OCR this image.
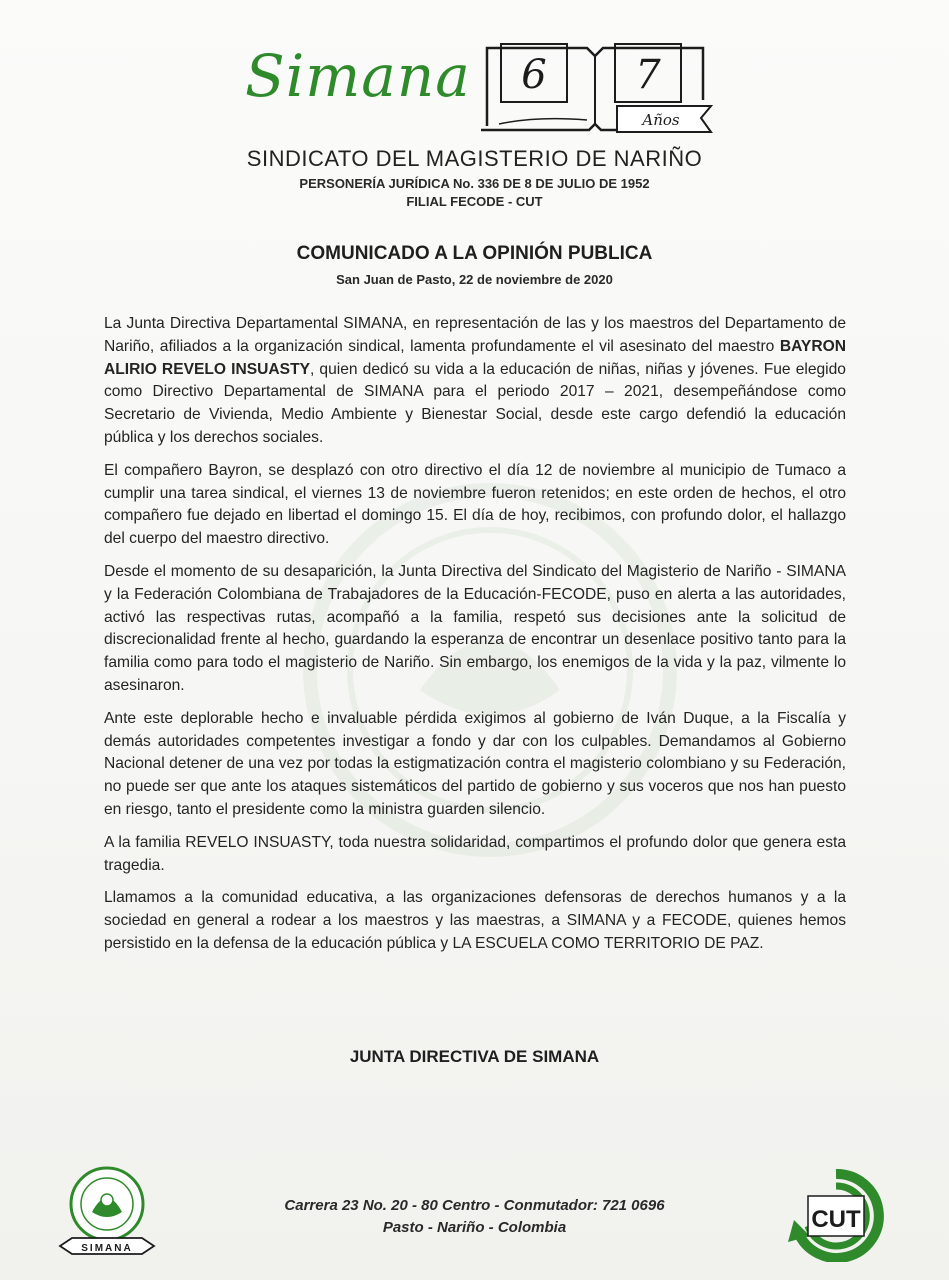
Simana 6 7
Años
SINDICATO DEL MAGISTERIO DE NARIÑO
PERSONERÍA JURÍDICA No. 336 DE 8 DE JULIO DE 1952
FILIAL FECODE - CUT
COMUNICADO A LA OPINIÓN PUBLICA
San Juan de Pasto, 22 de noviembre de 2020

La Junta Directiva Departamental SIMANA, en representación de las y los maestros del Departamento de Nariño, afiliados a la organización sindical, lamenta profundamente el vil asesinato del maestro BAYRON ALIRIO REVELO INSUASTY, quien dedicó su vida a la educación de niñas, niñas y jóvenes. Fue elegido como Directivo Departamental de SIMANA para el periodo 2017 – 2021, desempeñándose como Secretario de Vivienda, Medio Ambiente y Bienestar Social, desde este cargo defendió la educación pública y los derechos sociales.

El compañero Bayron, se desplazó con otro directivo el día 12 de noviembre al municipio de Tumaco a cumplir una tarea sindical, el viernes 13 de noviembre fueron retenidos; en este orden de hechos, el otro compañero fue dejado en libertad el domingo 15. El día de hoy, recibimos, con profundo dolor, el hallazgo del cuerpo del maestro directivo.

Desde el momento de su desaparición, la Junta Directiva del Sindicato del Magisterio de Nariño - SIMANA y la Federación Colombiana de Trabajadores de la Educación-FECODE, puso en alerta a las autoridades, activó las respectivas rutas, acompañó a la familia, respetó sus decisiones ante la solicitud de discrecionalidad frente al hecho, guardando la esperanza de encontrar un desenlace positivo tanto para la familia como para todo el magisterio de Nariño. Sin embargo, los enemigos de la vida y la paz, vilmente lo asesinaron.

Ante este deplorable hecho e invaluable pérdida exigimos al gobierno de Iván Duque, a la Fiscalía y demás autoridades competentes investigar a fondo y dar con los culpables. Demandamos al Gobierno Nacional detener de una vez por todas la estigmatización contra el magisterio colombiano y su Federación, no puede ser que ante los ataques sistemáticos del partido de gobierno y sus voceros que nos han puesto en riesgo, tanto el presidente como la ministra guarden silencio.

A la familia REVELO INSUASTY, toda nuestra solidaridad, compartimos el profundo dolor que genera esta tragedia.

Llamamos a la comunidad educativa, a las organizaciones defensoras de derechos humanos y a la sociedad en general a rodear a los maestros y las maestras, a SIMANA y a FECODE, quienes hemos persistido en la defensa de la educación pública y LA ESCUELA COMO TERRITORIO DE PAZ.

JUNTA DIRECTIVA DE SIMANA
SIMANA
Carrera 23 No. 20 - 80 Centro - Conmutador: 721 0696
Pasto - Nariño - Colombia	CUT
